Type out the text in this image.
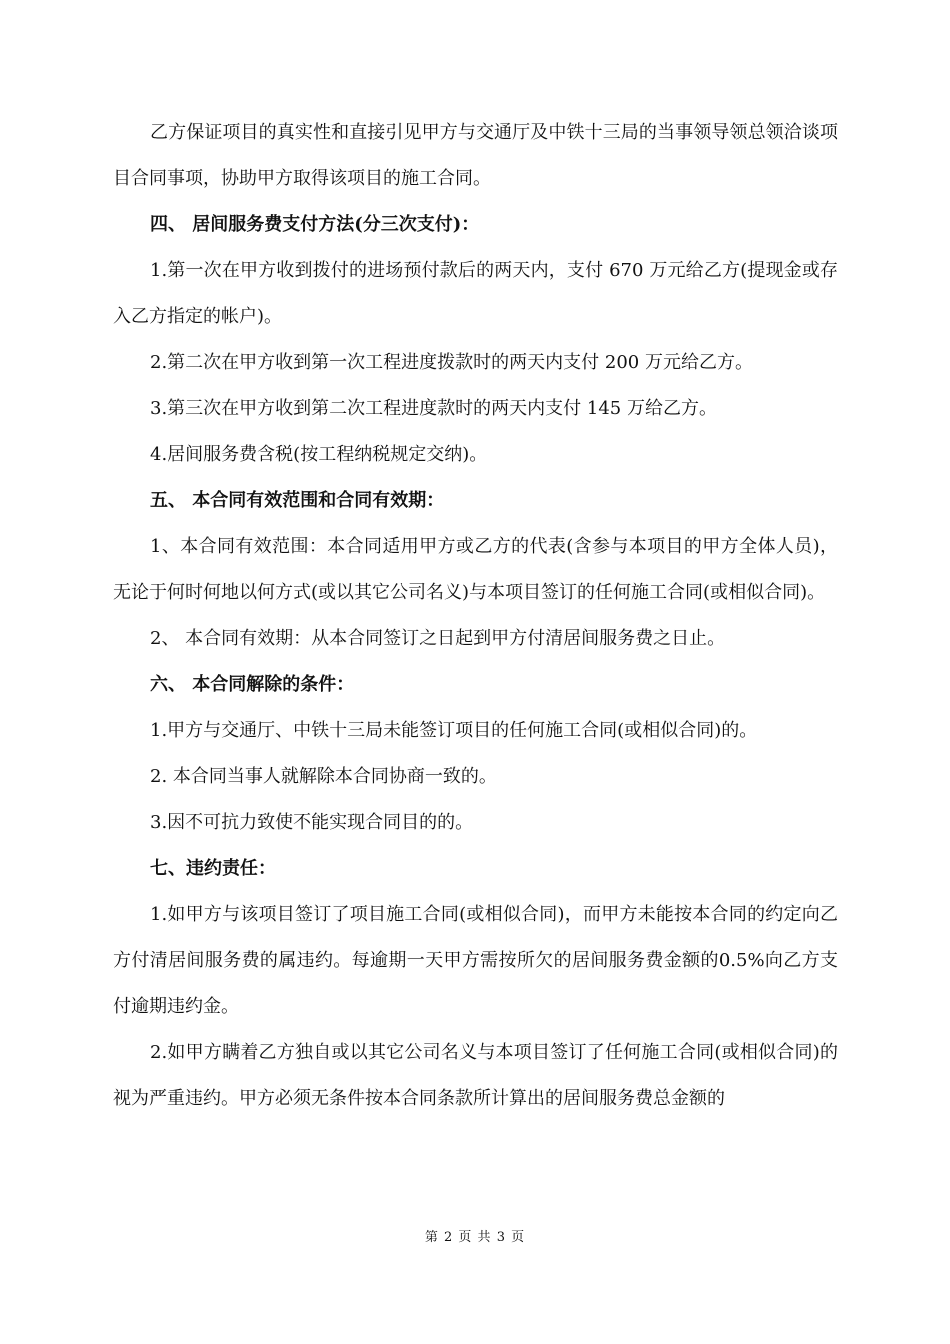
乙方保证项目的真实性和直接引见甲方与交通厅及中铁十三局的当事领导领总领洽谈项目合同事项，协助甲方取得该项目的施工合同。

四、 居间服务费支付方法(分三次支付)：

1.第一次在甲方收到拨付的进场预付款后的两天内，支付 670 万元给乙方(提现金或存入乙方指定的帐户)。

2.第二次在甲方收到第一次工程进度拨款时的两天内支付 200 万元给乙方。

3.第三次在甲方收到第二次工程进度款时的两天内支付 145 万给乙方。

4.居间服务费含税(按工程纳税规定交纳)。

五、 本合同有效范围和合同有效期：

1、本合同有效范围：本合同适用甲方或乙方的代表(含参与本项目的甲方全体人员)，无论于何时何地以何方式(或以其它公司名义)与本项目签订的任何施工合同(或相似合同)。

2、 本合同有效期：从本合同签订之日起到甲方付清居间服务费之日止。

六、 本合同解除的条件：

1.甲方与交通厅、中铁十三局未能签订项目的任何施工合同(或相似合同)的。

2. 本合同当事人就解除本合同协商一致的。

3.因不可抗力致使不能实现合同目的的。

七、违约责任：

1.如甲方与该项目签订了项目施工合同(或相似合同)，而甲方未能按本合同的约定向乙方付清居间服务费的属违约。每逾期一天甲方需按所欠的居间服务费金额的0.5%向乙方支付逾期违约金。

2.如甲方瞒着乙方独自或以其它公司名义与本项目签订了任何施工合同(或相似合同)的视为严重违约。甲方必须无条件按本合同条款所计算出的居间服务费总金额的

第 2 页 共 3 页
